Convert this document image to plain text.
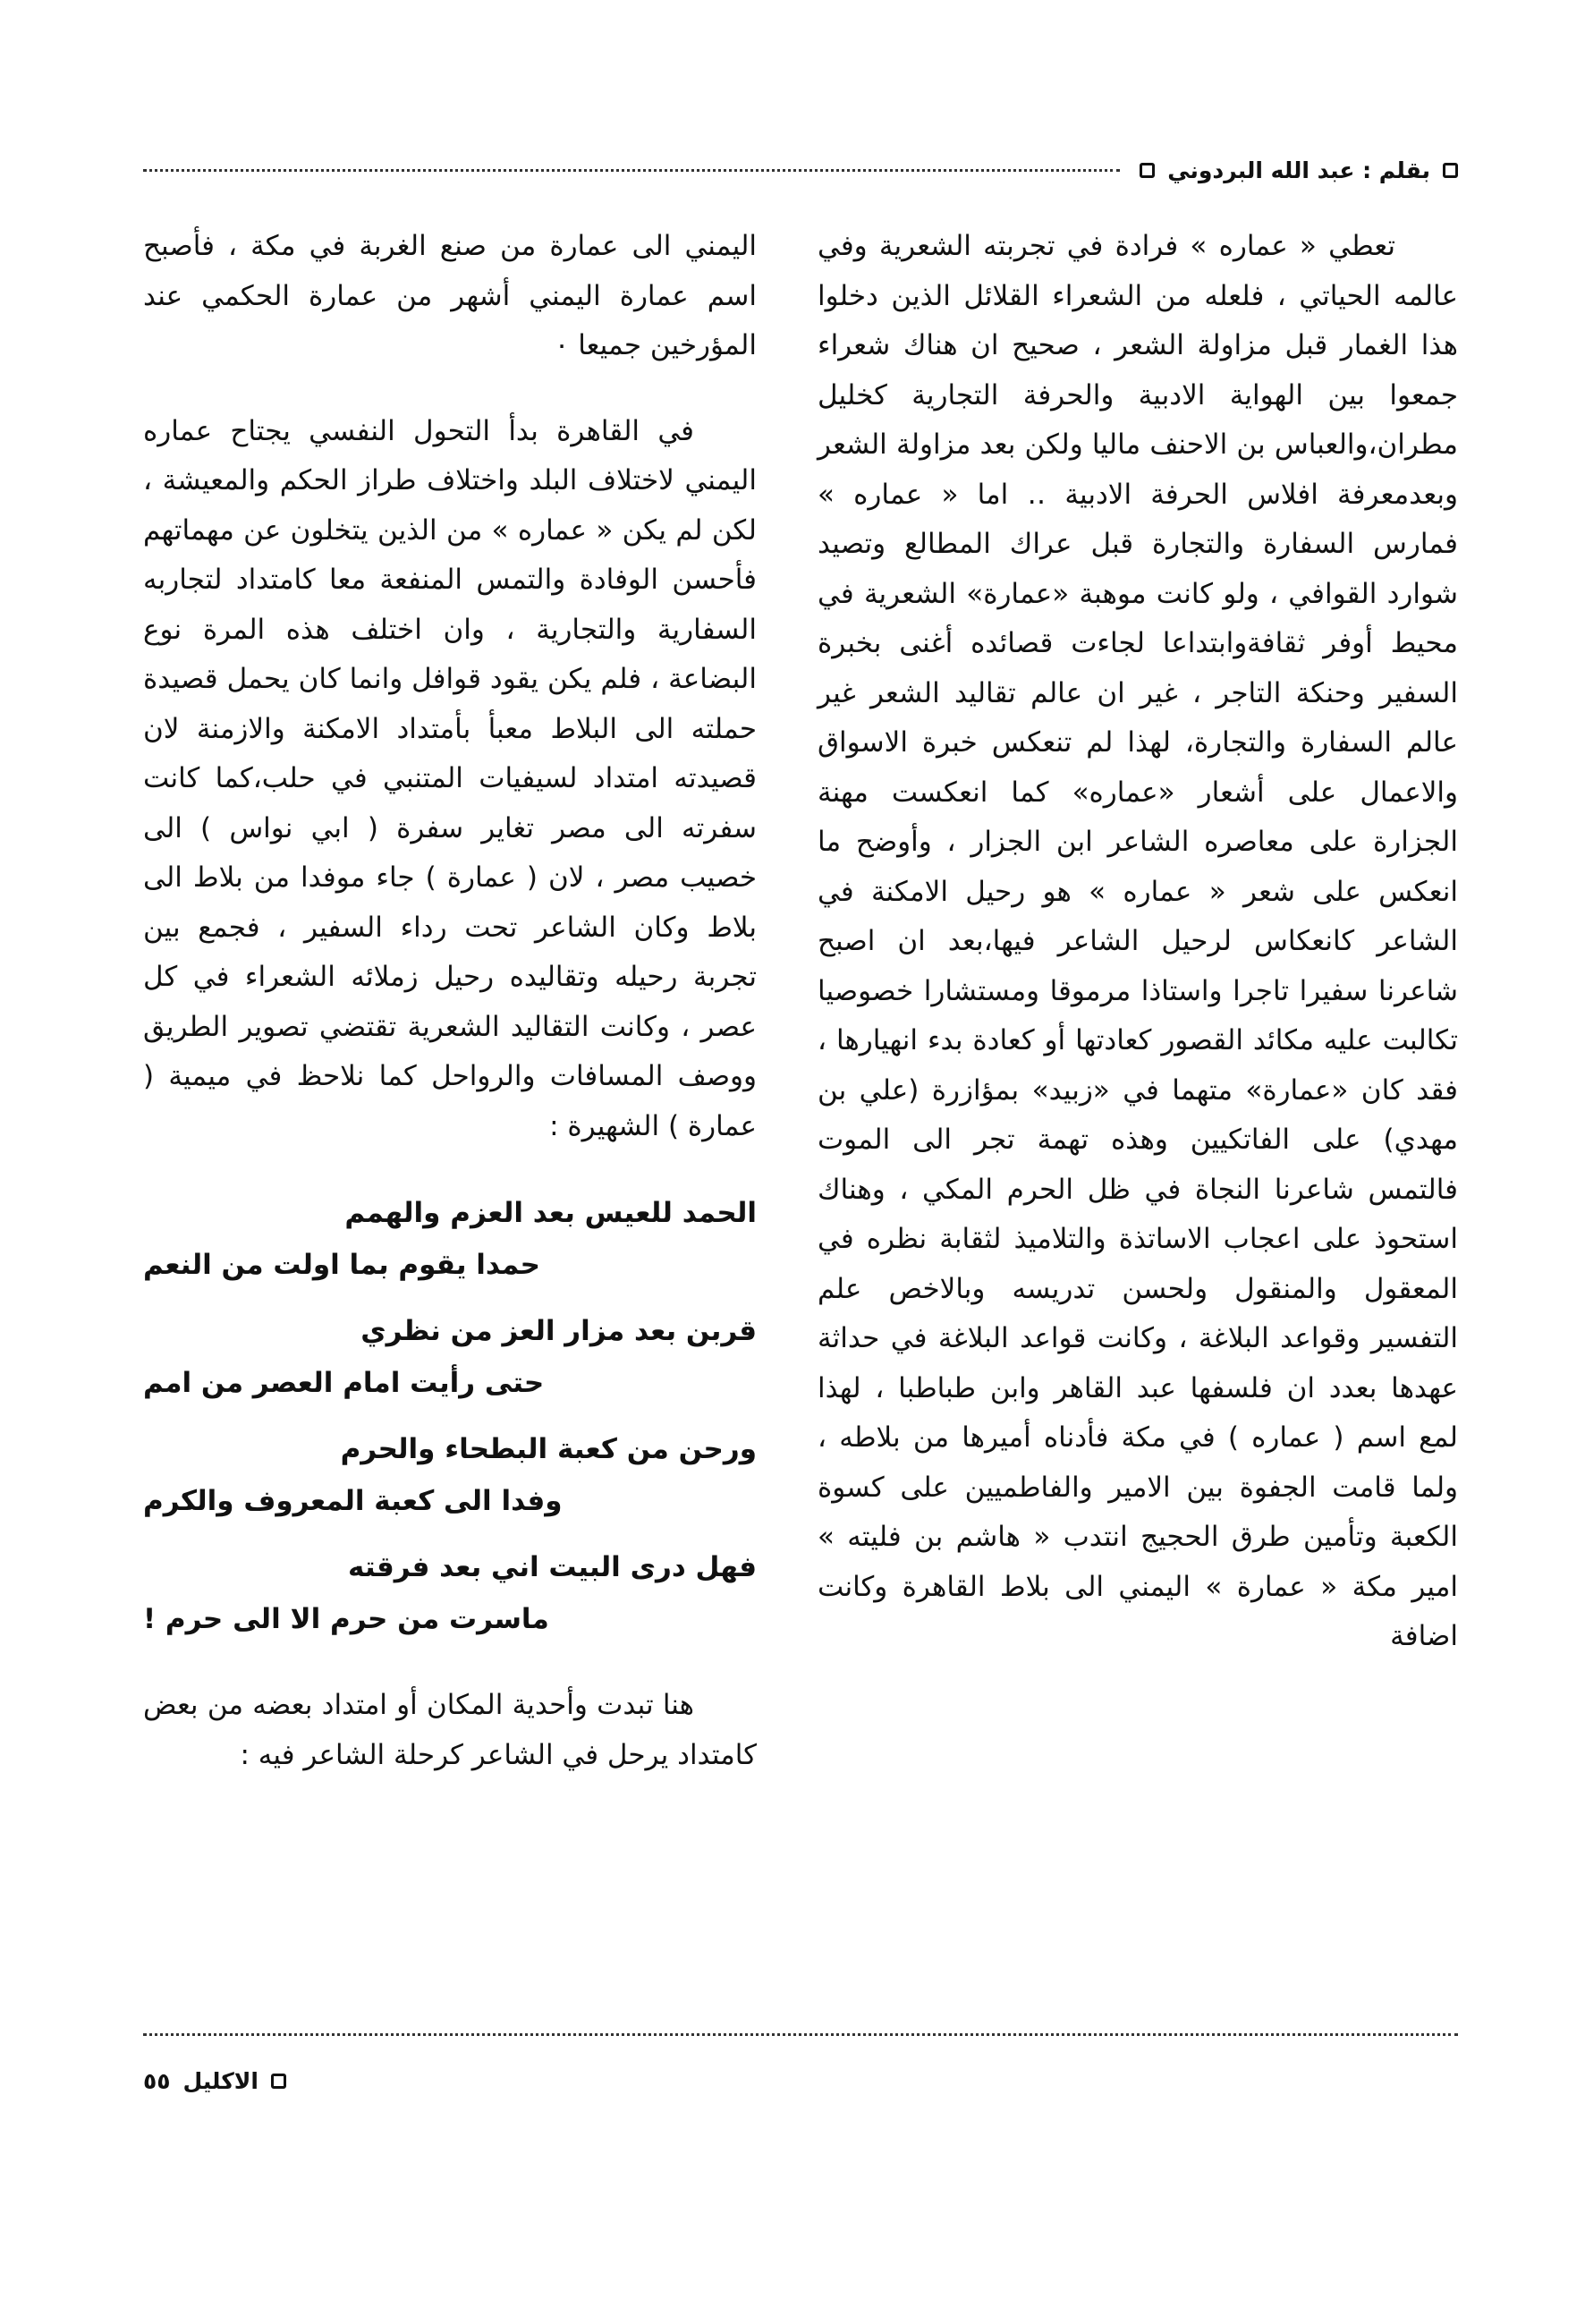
بقلم : عبد الله البردوني

تعطي « عماره » فرادة في تجربته الشعرية وفي عالمه الحياتي ، فلعله من الشعراء القلائل الذين دخلوا هذا الغمار قبل مزاولة الشعر ، صحيح ان هناك شعراء جمعوا بين الهواية الادبية والحرفة التجارية كخليل مطران،والعباس بن الاحنف ماليا ولكن بعد مزاولة الشعر وبعدمعرفة افلاس الحرفة الادبية ‥ اما « عماره » فمارس السفارة والتجارة قبل عراك المطالع وتصيد شوارد القوافي ، ولو كانت موهبة «عمارة» الشعرية في محيط أوفر ثقافةوابتداعا لجاءت قصائده أغنى بخبرة السفير وحنكة التاجر ، غير ان عالم تقاليد الشعر غير عالم السفارة والتجارة، لهذا لم تنعكس خبرة الاسواق والاعمال على أشعار «عماره» كما انعكست مهنة الجزارة على معاصره الشاعر ابن الجزار ، وأوضح ما انعكس على شعر « عماره » هو رحيل الامكنة في الشاعر كانعكاس لرحيل الشاعر فيها،بعد ان اصبح شاعرنا سفيرا تاجرا واستاذا مرموقا ومستشارا خصوصيا تكالبت عليه مكائد القصور كعادتها أو كعادة بدء انهيارها ، فقد كان «عمارة» متهما في «زبيد» بمؤازرة (علي بن مهدي) على الفاتكيين وهذه تهمة تجر الى الموت فالتمس شاعرنا النجاة في ظل الحرم المكي ، وهناك استحوذ على اعجاب الاساتذة والتلاميذ لثقابة نظره في المعقول والمنقول ولحسن تدريسه وبالاخص علم التفسير وقواعد البلاغة ، وكانت قواعد البلاغة في حداثة عهدها بعدد ان فلسفها عبد القاهر وابن طباطبا ، لهذا لمع اسم ( عماره ) في مكة فأدناه أميرها من بلاطه ، ولما قامت الجفوة بين الامير والفاطميين على كسوة الكعبة وتأمين طرق الحجيج انتدب « هاشم بن فليته » امير مكة « عمارة » اليمني الى بلاط القاهرة وكانت اضافة

اليمني الى عمارة من صنع الغربة في مكة ، فأصبح اسم عمارة اليمني أشهر من عمارة الحكمي عند المؤرخين جميعا ٠

في القاهرة بدأ التحول النفسي يجتاح عماره اليمني لاختلاف البلد واختلاف طراز الحكم والمعيشة ، لكن لم يكن « عماره » من الذين يتخلون عن مهماتهم فأحسن الوفادة والتمس المنفعة معا كامتداد لتجاربه السفارية والتجارية ، وان اختلف هذه المرة نوع البضاعة ، فلم يكن يقود قوافل وانما كان يحمل قصيدة حملته الى البلاط معبأ بأمتداد الامكنة والازمنة لان قصيدته امتداد لسيفيات المتنبي في حلب،كما كانت سفرته الى مصر تغاير سفرة ( ابي نواس ) الى خصيب مصر ، لان ( عمارة ) جاء موفدا من بلاط الى بلاط وكان الشاعر تحت رداء السفير ، فجمع بين تجربة رحيله وتقاليده رحيل زملائه الشعراء في كل عصر ، وكانت التقاليد الشعرية تقتضي تصوير الطريق ووصف المسافات والرواحل كما نلاحظ في ميمية ( عمارة ) الشهيرة :

الحمد للعيس بعد العزم والهمم
حمدا يقوم بما اولت من النعم
قربن بعد مزار العز من نظري
حتى رأيت امام العصر من امم
ورحن من كعبة البطحاء والحرم
وفدا الى كعبة المعروف والكرم
فهل درى البيت اني بعد فرقته
ماسرت من حرم الا الى حرم !

هنا تبدت وأحدية المكان أو امتداد بعضه من بعض كامتداد يرحل في الشاعر كرحلة الشاعر فيه :

الاكليل
٥٥
